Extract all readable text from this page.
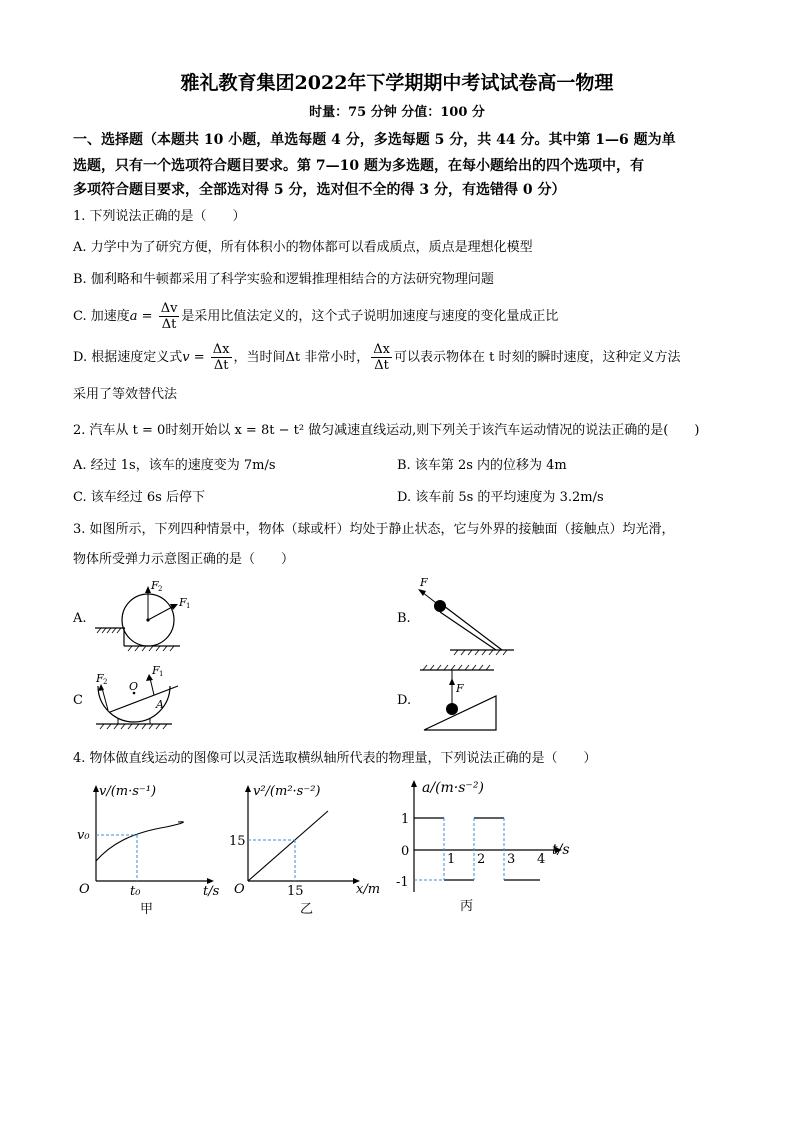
雅礼教育集团2022年下学期期中考试试卷高一物理
时量：75 分钟 分值：100 分
一、选择题（本题共 10 小题，单选每题 4 分，多选每题 5 分，共 44 分。其中第 1—6 题为单
选题，只有一个选项符合题目要求。第 7—10 题为多选题，在每小题给出的四个选项中，有
多项符合题目要求，全部选对得 5 分，选对但不全的得 3 分，有选错得 0 分）
1. 下列说法正确的是（　　）
A. 力学中为了研究方便，所有体积小的物体都可以看成质点，质点是理想化模型
B. 伽利略和牛顿都采用了科学实验和逻辑推理相结合的方法研究物理问题
C. 加速度$a = \frac{\Delta v}{\Delta t}$ 是采用比值法定义的，这个式子说明加速度与速度的变化量成正比
D. 根据速度定义式$v = \frac{\Delta x}{\Delta t}$ ，当时间Δt 非常小时， $\frac{\Delta x}{\Delta t}$ 可以表示物体在 t 时刻的瞬时速度，这种定义方法
采用了等效替代法
2. 汽车从 t = 0时刻开始以 x = 8t − t² 做匀减速直线运动,则下列关于该汽车运动情况的说法正确的是(　　)
A. 经过 1s，该车的速度变为 7m/s	B. 该车第 2s 内的位移为 4m
C. 该车经过 6s 后停下	D. 该车前 5s 的平均速度为 3.2m/s
3. 如图所示，下列四种情景中，物体（球或杆）均处于静止状态，它与外界的接触面（接触点）均光滑，
物体所受弹力示意图正确的是（　　）
A.	B.
C	D.
F 2
F 1
F
F 2
F 1
O
A
F
4. 物体做直线运动的图像可以灵活选取横纵轴所代表的物理量，下列说法正确的是（　　）
v/(m·s⁻¹)
t/s
O
v₀
t₀
甲
v²/(m²·s⁻²)
x/m
O
15
15
乙
1 2 3 4
a/(m·s⁻²)
t/s
1
0
-1
丙
